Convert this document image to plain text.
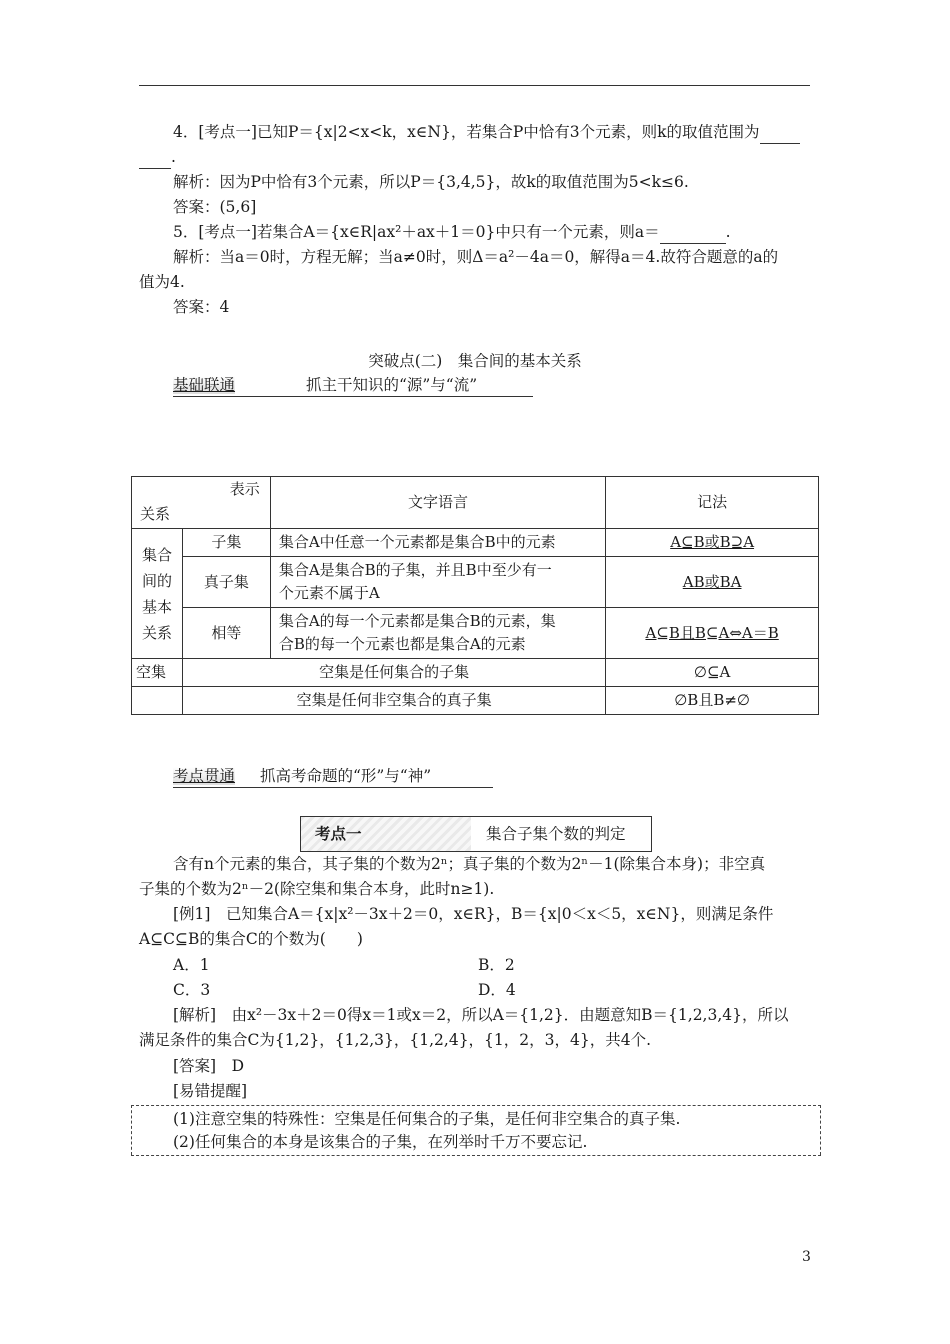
4．[考点一]已知P＝{x|2<x<k，x∈N}，若集合P中恰有3个元素，则k的取值范围为
.
解析：因为P中恰有3个元素，所以P＝{3,4,5}，故k的取值范围为5<k≤6.
答案：(5,6]
5．[考点一]若集合A＝{x∈R|ax²＋ax＋1＝0}中只有一个元素，则a＝	.
解析：当a＝0时，方程无解；当a≠0时，则Δ＝a²－4a＝0，解得a＝4.故符合题意的a的
值为4.
答案：4
突破点(二)　集合间的基本关系
基础联通	抓主干知识的“源”与“流”
表示
关系		文字语言	记法

集合
间的
基本
关系	子集	集合A中任意一个元素都是集合B中的元素	A⊆B或B⊇A
	真子集	集合A是集合B的子集，并且B中至少有一
个元素不属于A	AB或BA
	相等	集合A的每一个元素都是集合B的元素，集
合B的每一个元素也都是集合A的元素	A⊆B且B⊆A⇔A＝B
空集	空集是任何集合的子集		∅⊆A
	空集是任何非空集合的真子集		∅B且B≠∅
考点贯通 抓高考命题的“形”与“神”
考点一	集合子集个数的判定
含有n个元素的集合，其子集的个数为2ⁿ；真子集的个数为2ⁿ－1(除集合本身)；非空真
子集的个数为2ⁿ－2(除空集和集合本身，此时n≥1).
[例1]　已知集合A＝{x|x²－3x＋2＝0，x∈R}，B＝{x|0＜x＜5，x∈N}，则满足条件
A⊆C⊆B的集合C的个数为(　　)
A．1	B．2
C．3	D．4
[解析]　由x²－3x＋2＝0得x＝1或x＝2，所以A＝{1,2}．由题意知B＝{1,2,3,4}，所以
满足条件的集合C为{1,2}，{1,2,3}，{1,2,4}，{1，2，3，4}，共4个.
[答案]　D
[易错提醒]
(1)注意空集的特殊性：空集是任何集合的子集，是任何非空集合的真子集.
(2)任何集合的本身是该集合的子集，在列举时千万不要忘记.
3
